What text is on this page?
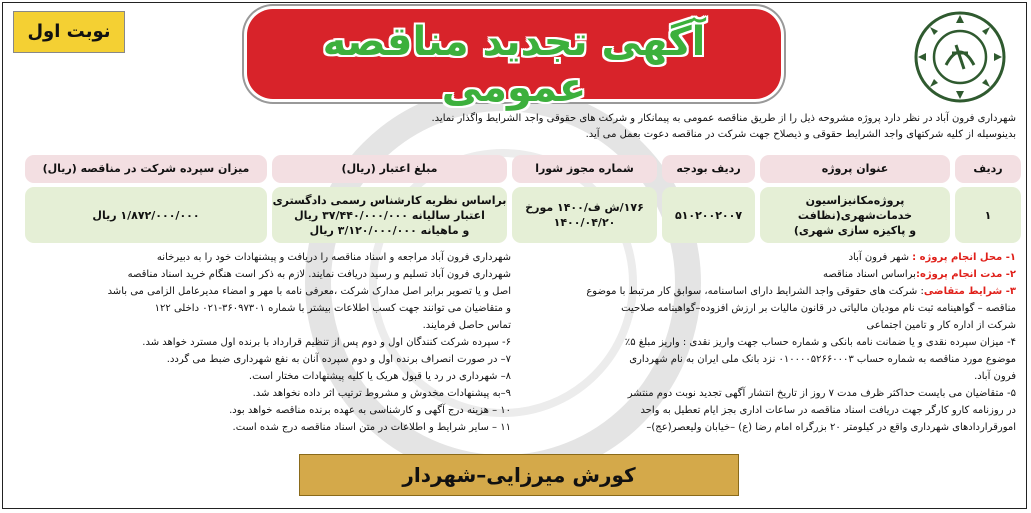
آگهی تجدید مناقصه عمومی
نوبت اول
شهرداری فرون آباد در نظر دارد پروژه مشروحه ذیل را از طریق مناقصه عمومی به پیمانکار و شرکت های حقوقی واجد الشرایط واگذار نماید.
بدینوسیله از کلیه شرکتهای واجد الشرایط حقوقی و ذیصلاح جهت شرکت در مناقصه دعوت بعمل می آید.
ردیف
عنوان پروژه
ردیف بودجه
شماره مجوز شورا
مبلغ اعتبار (ریال)
میزان سپرده شرکت در مناقصه (ریال)
۱
پروژه‌مکانیزاسیون خدمات‌شهری(نظافت
و پاکیزه سازی شهری)
۵۱۰۲۰۰۲۰۰۷
۱۷۶/ش ف/۱۴۰۰ مورخ
۱۴۰۰/۰۴/۲۰
براساس نظریه کارشناس رسمی دادگستری
اعتبار سالیانه ۳۷/۴۴۰/۰۰۰/۰۰۰ ریال
و ماهیانه ۳/۱۲۰/۰۰۰/۰۰۰ ریال
۱/۸۷۲/۰۰۰/۰۰۰ ریال
۱- محل انجام پروژه : شهر فرون آباد
۲- مدت انجام پروژه:براساس اسناد مناقصه
۳- شرایط متقاضی: شرکت های حقوقی واجد الشرایط دارای اساسنامه، سوابق کار مرتبط با موضوع
مناقصه – گواهینامه ثبت نام مودیان مالیاتی در قانون مالیات بر ارزش افزوده–گواهینامه صلاحیت
شرکت از اداره کار و تامین اجتماعی
۴- میزان سپرده نقدی و یا ضمانت نامه بانکی و شماره حساب جهت واریز نقدی : واریز مبلغ ۵٪
موضوع مورد مناقصه به شماره حساب ۰۱۰۰۰۰۵۲۶۶۰۰۰۳ نزد بانک ملی ایران به نام شهرداری
فرون آباد.
۵- متقاضیان می بایست حداکثر ظرف مدت ۷ روز از تاریخ انتشار آگهی تجدید نوبت دوم منتشر
در روزنامه کارو کارگر جهت دریافت اسناد مناقصه در ساعات اداری بجز ایام تعطیل به واحد
امورقراردادهای شهرداری واقع در کیلومتر ۲۰ بزرگراه امام رضا (ع) –خیابان ولیعصر(عج)–
شهرداری فرون آباد مراجعه و اسناد مناقصه را دریافت و پیشنهادات خود را به دبیرخانه
شهرداری فرون آباد تسلیم و رسید دریافت نمایند. لازم به ذکر است هنگام خرید اسناد مناقصه
اصل و یا تصویر برابر اصل مدارک شرکت ،معرفی نامه با مهر و امضاء مدیرعامل الزامی می باشد
و متقاضیان می توانند جهت کسب اطلاعات بیشتر با شماره ۳۶۰۹۷۳۰۱-۰۲۱ داخلی ۱۲۲
تماس حاصل فرمایند.
۶- سپرده شرکت کنندگان اول و دوم پس از تنظیم قرارداد با برنده اول مسترد خواهد شد.
۷– در صورت انصراف برنده اول و دوم سپرده آنان به نفع شهرداری ضبط می گردد.
۸– شهرداری در رد یا قبول هریک یا کلیه پیشنهادات مختار است.
۹–به پیشنهادات مخدوش و مشروط ترتیب اثر داده نخواهد شد.
۱۰ – هزینه درج آگهی و کارشناسی به عهده برنده مناقصه خواهد بود.
۱۱ – سایر شرایط و اطلاعات در متن اسناد مناقصه درج شده است.
کورش میرزایی–شهردار
